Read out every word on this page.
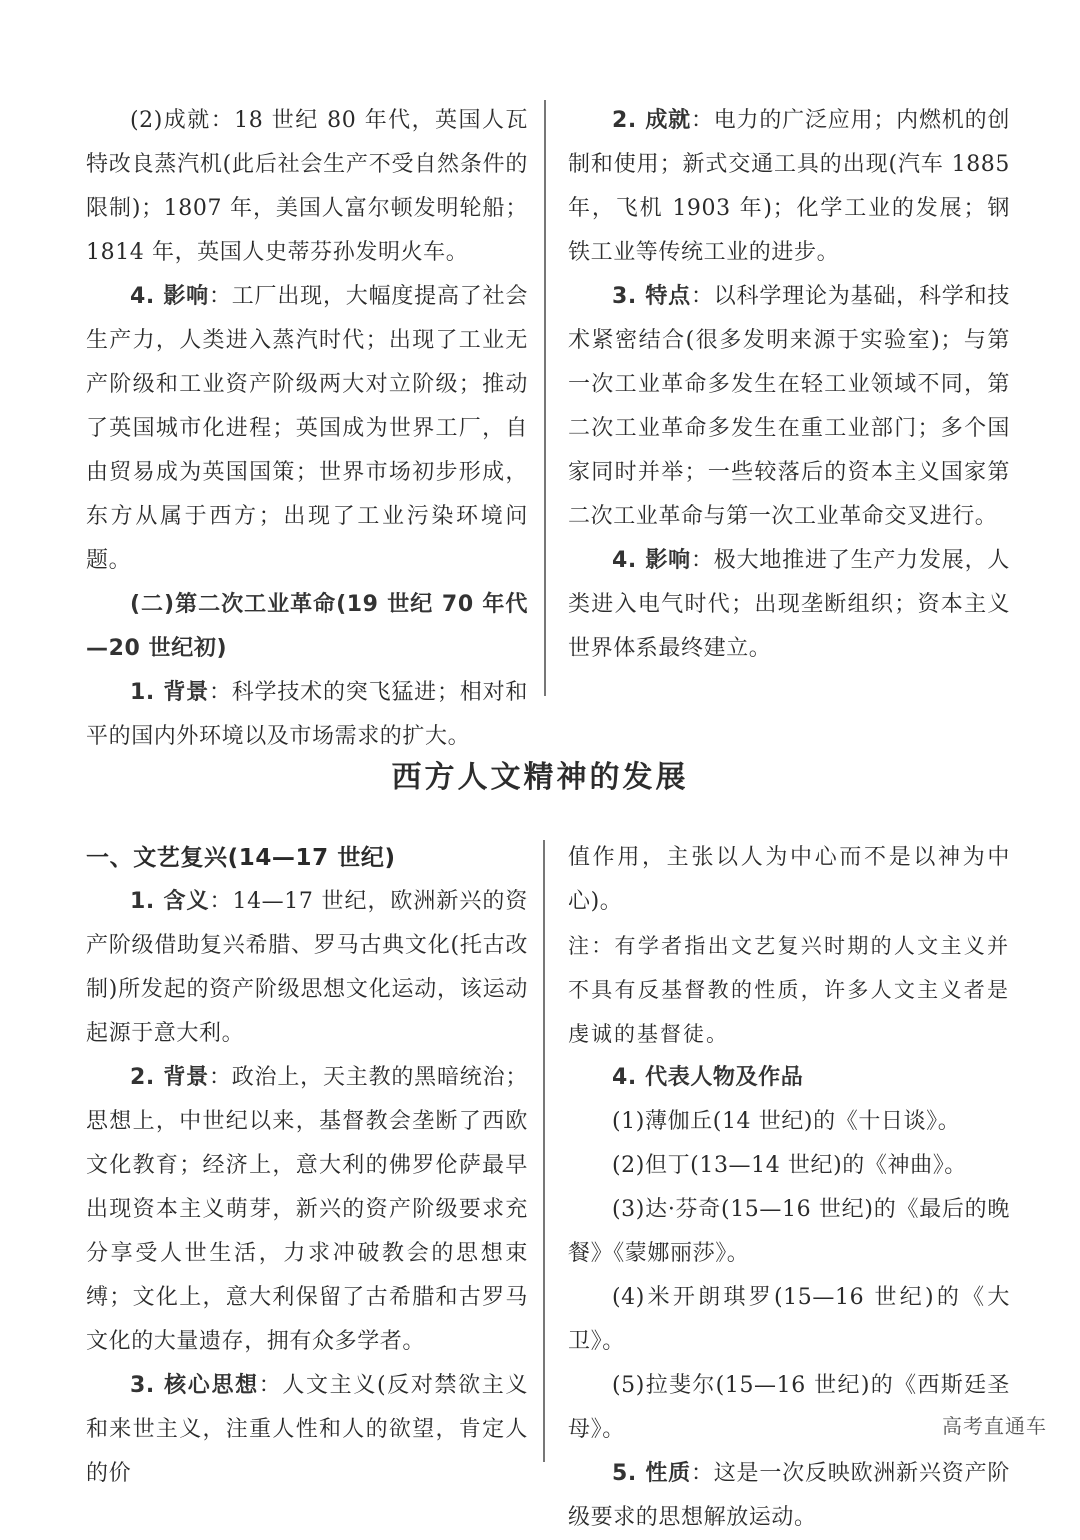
(2)成就：18 世纪 80 年代，英国人瓦特改良蒸汽机(此后社会生产不受自然条件的限制)；1807 年，美国人富尔顿发明轮船；1814 年，英国人史蒂芬孙发明火车。

4. 影响：工厂出现，大幅度提高了社会生产力，人类进入蒸汽时代；出现了工业无产阶级和工业资产阶级两大对立阶级；推动了英国城市化进程；英国成为世界工厂，自由贸易成为英国国策；世界市场初步形成，东方从属于西方；出现了工业污染环境问题。

(二)第二次工业革命(19 世纪 70 年代—20 世纪初)

1. 背景：科学技术的突飞猛进；相对和平的国内外环境以及市场需求的扩大。

2. 成就：电力的广泛应用；内燃机的创制和使用；新式交通工具的出现(汽车 1885 年，飞机 1903 年)；化学工业的发展；钢铁工业等传统工业的进步。

3. 特点：以科学理论为基础，科学和技术紧密结合(很多发明来源于实验室)；与第一次工业革命多发生在轻工业领域不同，第二次工业革命多发生在重工业部门；多个国家同时并举；一些较落后的资本主义国家第二次工业革命与第一次工业革命交叉进行。

4. 影响：极大地推进了生产力发展，人类进入电气时代；出现垄断组织；资本主义世界体系最终建立。

西方人文精神的发展

一、文艺复兴(14—17 世纪)

1. 含义：14—17 世纪，欧洲新兴的资产阶级借助复兴希腊、罗马古典文化(托古改制)所发起的资产阶级思想文化运动，该运动起源于意大利。

2. 背景：政治上，天主教的黑暗统治；思想上，中世纪以来，基督教会垄断了西欧文化教育；经济上，意大利的佛罗伦萨最早出现资本主义萌芽，新兴的资产阶级要求充分享受人世生活，力求冲破教会的思想束缚；文化上，意大利保留了古希腊和古罗马文化的大量遗存，拥有众多学者。

3. 核心思想：人文主义(反对禁欲主义和来世主义，注重人性和人的欲望，肯定人的价

值作用，主张以人为中心而不是以神为中心)。

注：有学者指出文艺复兴时期的人文主义并不具有反基督教的性质，许多人文主义者是虔诚的基督徒。

4. 代表人物及作品

(1)薄伽丘(14 世纪)的《十日谈》。

(2)但丁(13—14 世纪)的《神曲》。

(3)达·芬奇(15—16 世纪)的《最后的晚餐》《蒙娜丽莎》。

(4)米开朗琪罗(15—16 世纪)的《大卫》。

(5)拉斐尔(15—16 世纪)的《西斯廷圣母》。

5. 性质：这是一次反映欧洲新兴资产阶级要求的思想解放运动。

高考直通车
